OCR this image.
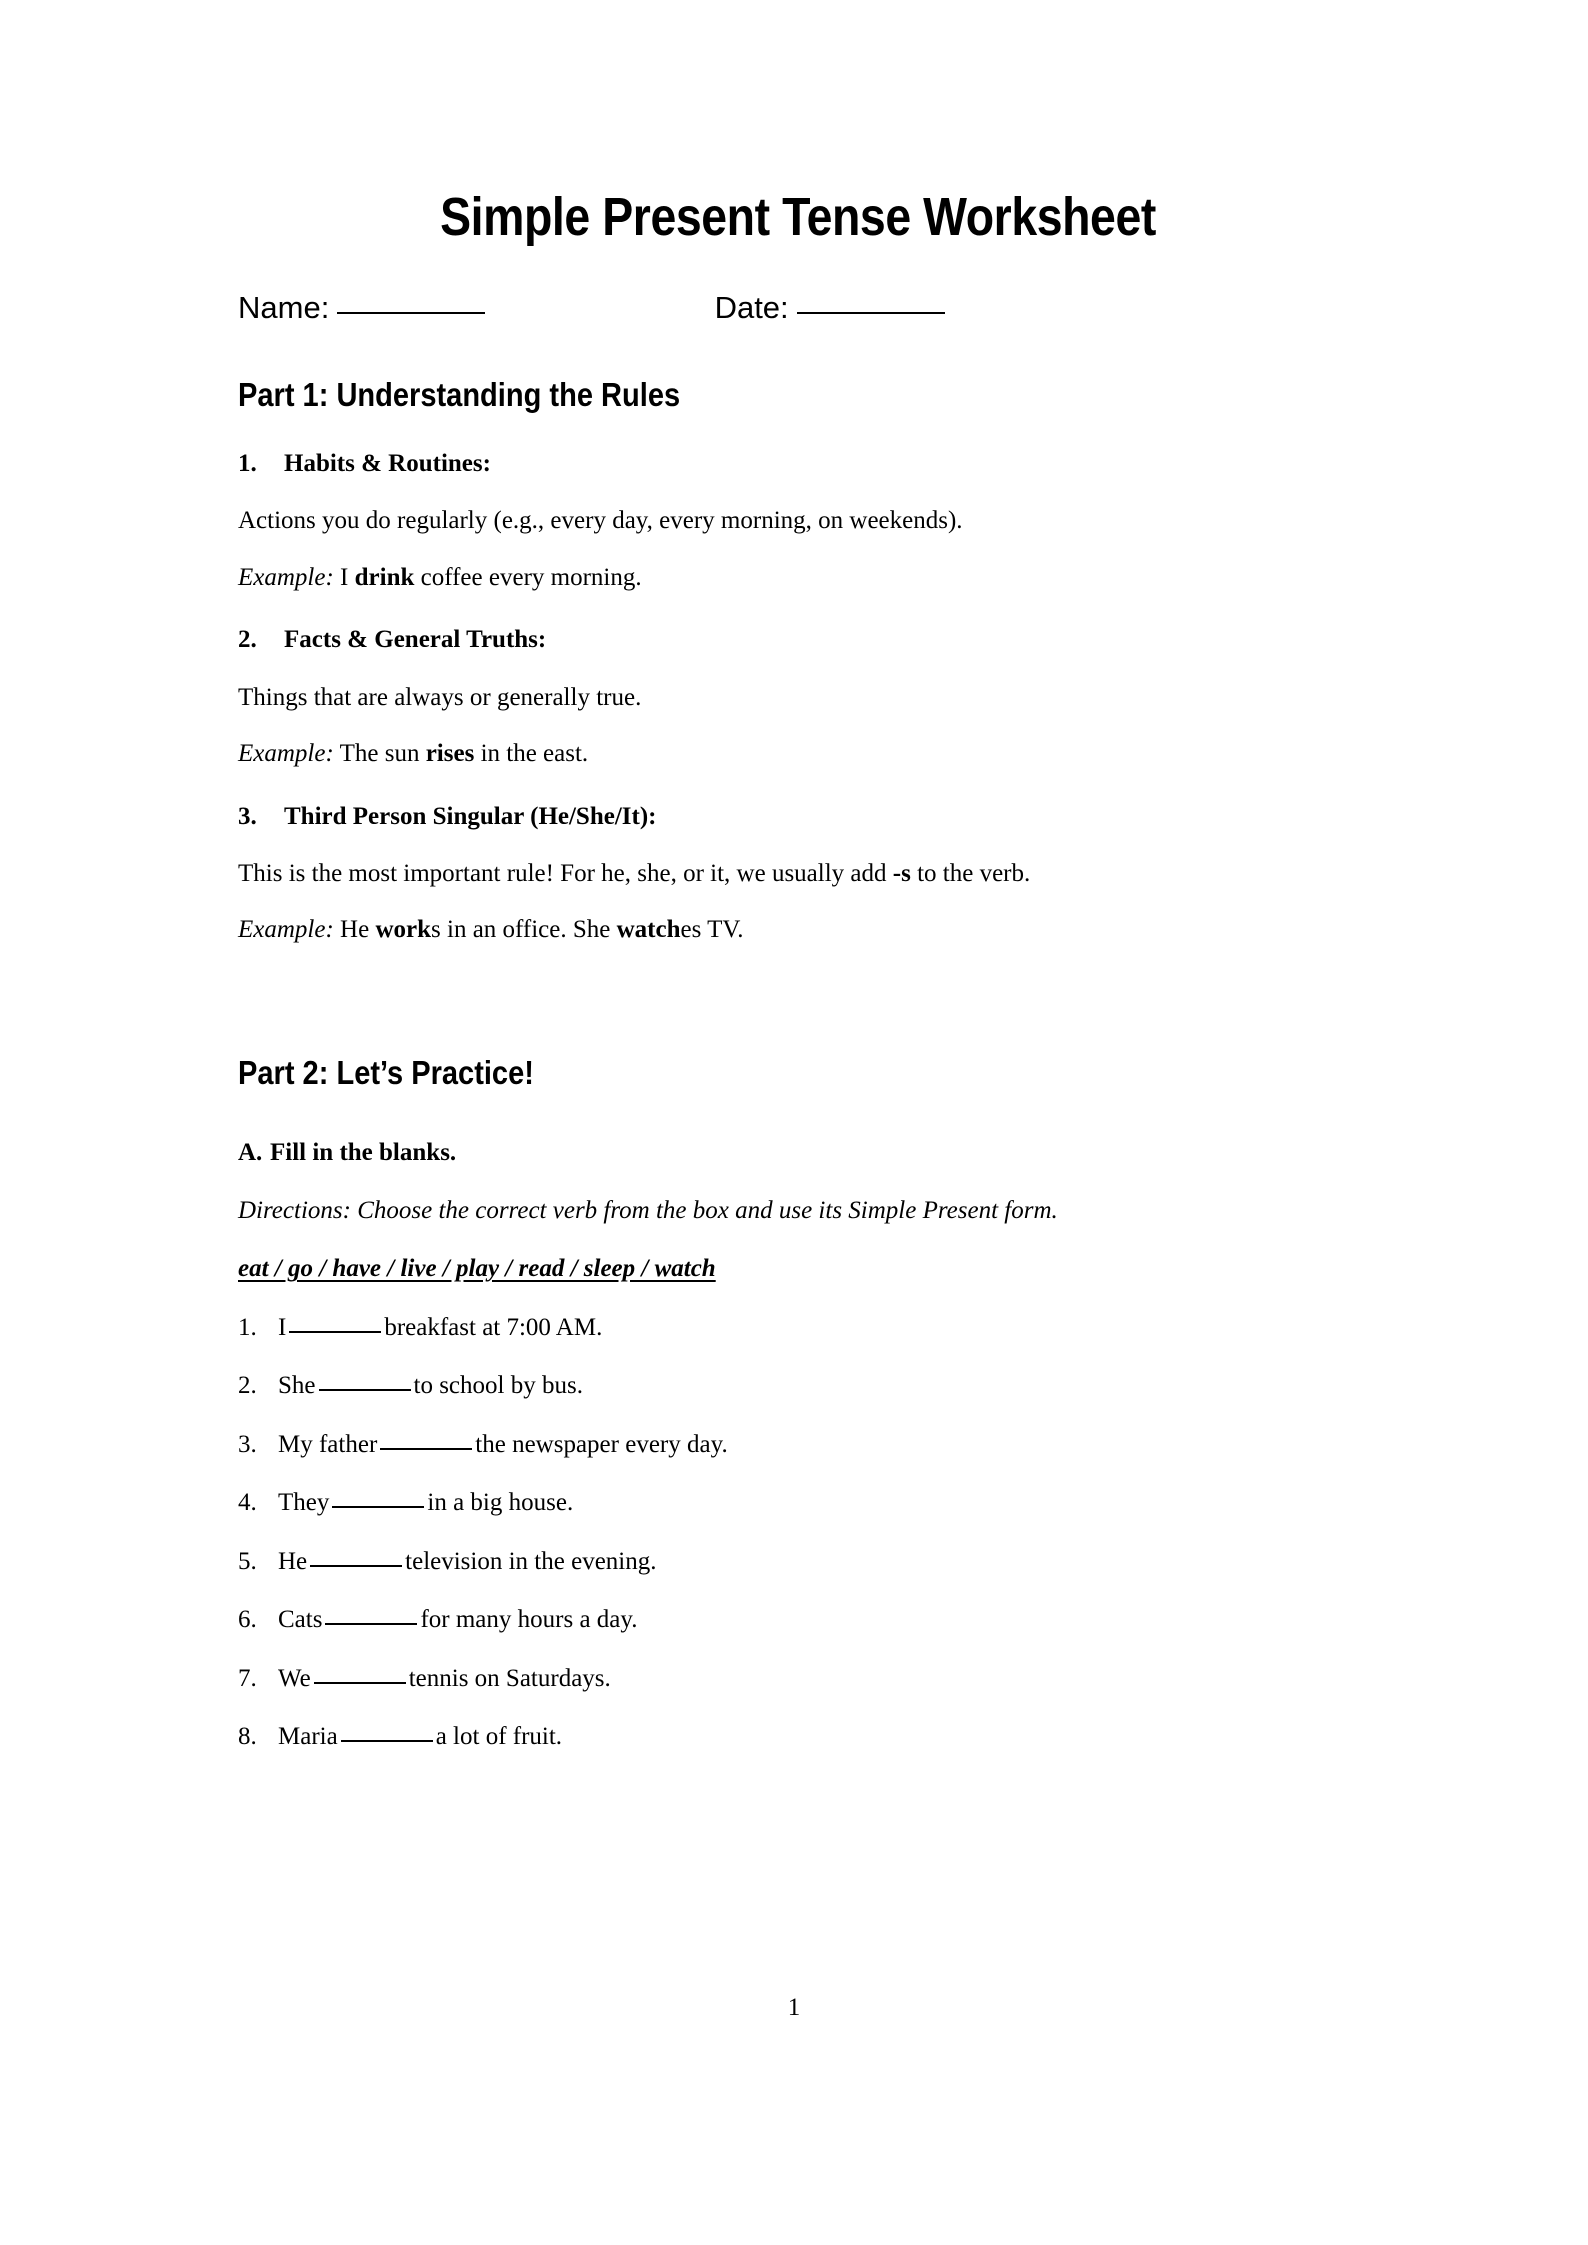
Simple Present Tense Worksheet
Name:	Date:
Part 1: Understanding the Rules
1. Habits & Routines:
Actions you do regularly (e.g., every day, every morning, on weekends).
Example: I drink coffee every morning.
2. Facts & General Truths:
Things that are always or generally true.
Example: The sun rises in the east.
3. Third Person Singular (He/She/It):
This is the most important rule! For he, she, or it, we usually add -s to the verb.
Example: He works in an office. She watches TV.
Part 2: Let’s Practice!
A. Fill in the blanks.
Directions: Choose the correct verb from the box and use its Simple Present form.
eat / go / have / live / play / read / sleep / watch
1. I	breakfast at 7:00 AM.
2. She	to school by bus.
3. My father	the newspaper every day.
4. They	in a big house.
5. He	television in the evening.
6. Cats	for many hours a day.
7. We	tennis on Saturdays.
8. Maria	a lot of fruit.
1
